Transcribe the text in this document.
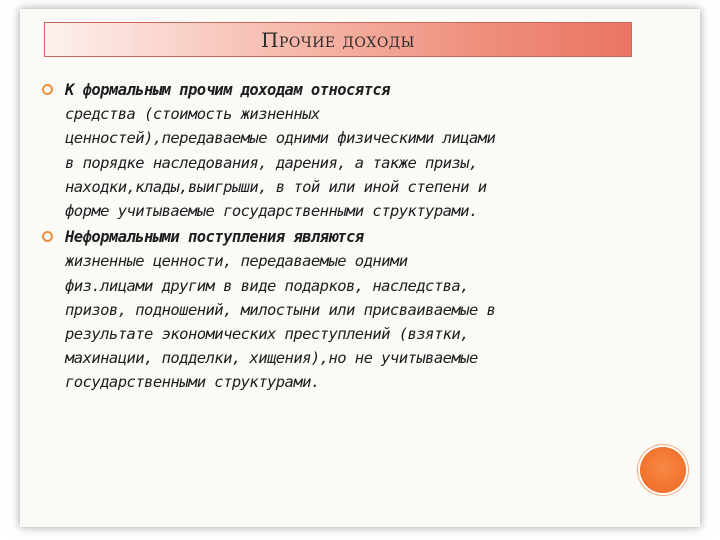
Прочие доходы

К формальным прочим доходам относятся
средства (стоимость жизненных
ценностей),передаваемые одними физическими лицами
в порядке наследования, дарения, а также призы,
находки,клады,выигрыши, в той или иной степени и
форме учитываемые государственными структурами.

Неформальными поступления являются
жизненные ценности, передаваемые одними
физ.лицами другим в виде подарков, наследства,
призов, подношений, милостыни или присваиваемые в
результате экономических преступлений (взятки,
махинации, подделки, хищения),но не учитываемые
государственными структурами.
